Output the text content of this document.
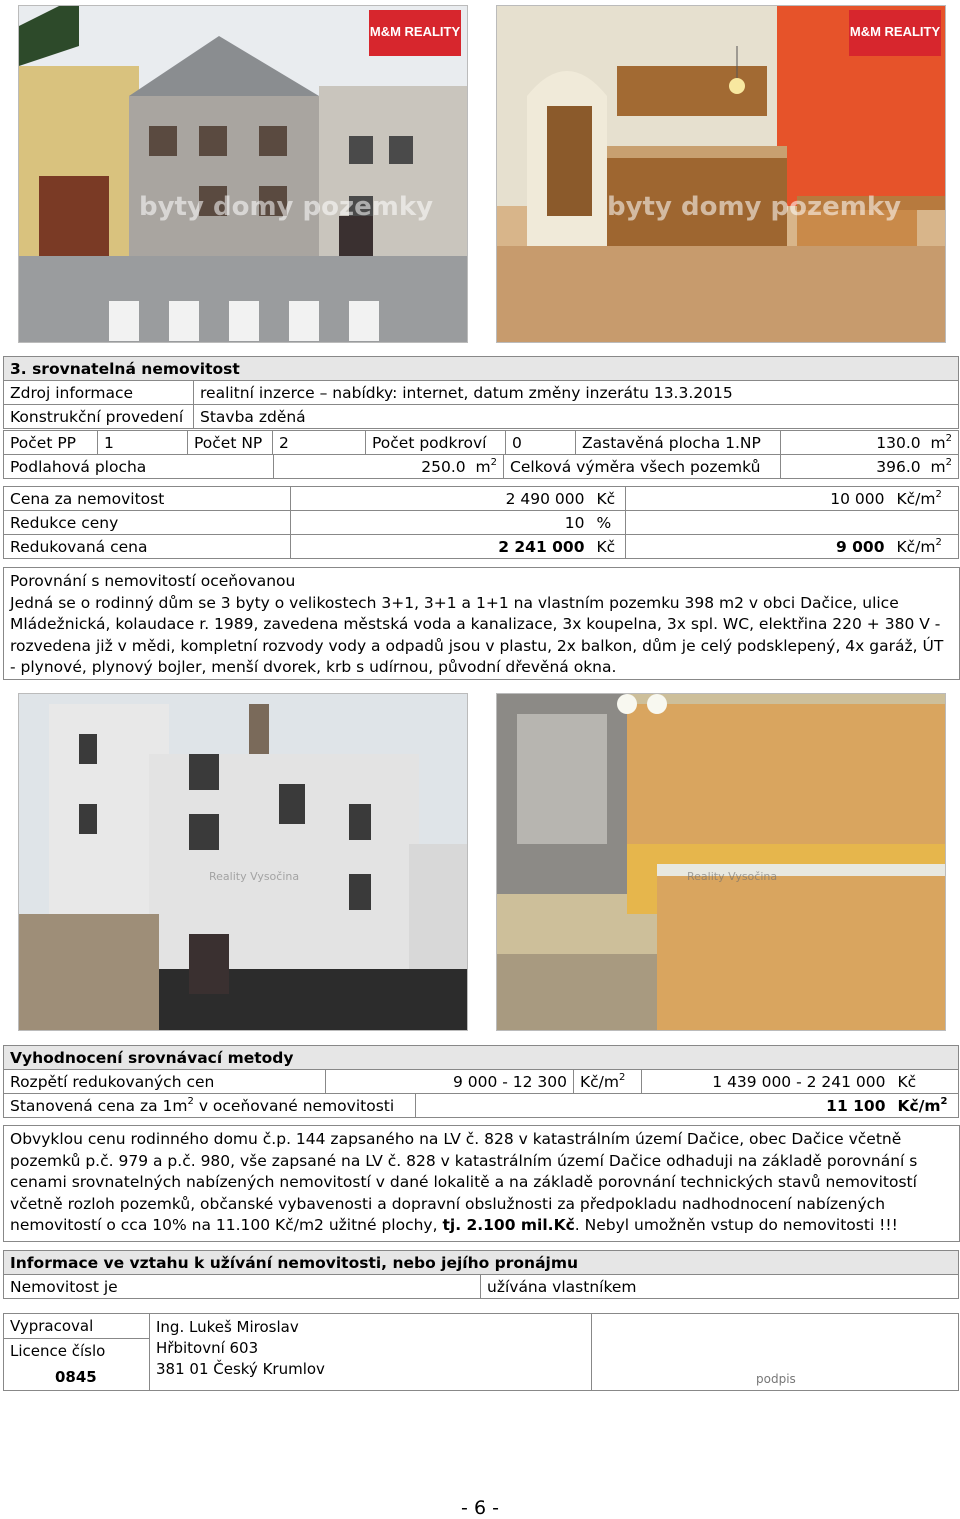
M&M REALITY
byty domy pozemky
M&M REALITY
byty domy pozemky
3. srovnatelná nemovitost	
Zdroj informace	realitní inzerce – nabídky: internet, datum změny inzerátu 13.3.2015
Konstrukční provedení	Stavba zděná
Počet PP	1	Počet NP	2	Počet podkroví	0	Zastavěná plocha 1.NP	130.0 $m^2$
Podlahová plocha	250.0 $m^2$	Celková výměra všech pozemků	396.0 $m^2$
Cena za nemovitost	2 490 000	Kč	10 000	$Kč/m^2$
Redukce ceny	10	%		
Redukovaná cena	2 241 000	Kč	9 000	$Kč/m^2$
Porovnání s nemovitostí oceňovanou
Jedná se o rodinný dům se 3 byty o velikostech 3+1, 3+1 a 1+1 na vlastním pozemku 398 m2 v obci Dačice, ulice Mládežnická, kolaudace r. 1989, zavedena městská voda a kanalizace, 3x koupelna, 3x spl. WC, elektřina 220 + 380 V - rozvedena již v mědi, kompletní rozvody vody a odpadů jsou v plastu, 2x balkon, dům je celý podsklepený, 4x garáž, ÚT - plynové, plynový bojler, menší dvorek, krb s udírnou, původní dřevěná okna.
Reality Vysočina	Reality Vysočina
Vyhodnocení srovnávací metody					
Rozpětí redukovaných cen	9 000 - 12 300		$Kč/m^2$	1 439 000 - 2 241 000	Kč
Stanovená cena za $1m^2$ v oceňované nemovitosti		11 100			$Kč/m^2$
Obvyklou cenu rodinného domu č.p. 144 zapsaného na LV č. 828 v katastrálním území Dačice, obec Dačice včetně pozemků p.č. 979 a p.č. 980, vše zapsané na LV č. 828 v katastrálním území Dačice odhaduji na základě porovnání s cenami srovnatelných nabízených nemovitostí v dané lokalitě a na základě porovnání technických stavů nemovitostí včetně rozloh pozemků, občanské vybavenosti a dopravní obslužnosti za předpokladu nadhodnocení nabízených nemovitostí o cca 10% na 11.100 Kč/m2 užitné plochy, tj. 2.100 mil.Kč. Nebyl umožněn vstup do nemovitosti !!!
Informace ve vztahu k užívání nemovitosti, nebo jejího pronájmu
Nemovitost je	užívána vlastníkem
Vypracoval
Licence číslo
0845
Ing. Lukeš Miroslav
Hřbitovní 603
381 01 Český Krumlov
podpis
- 6 -
